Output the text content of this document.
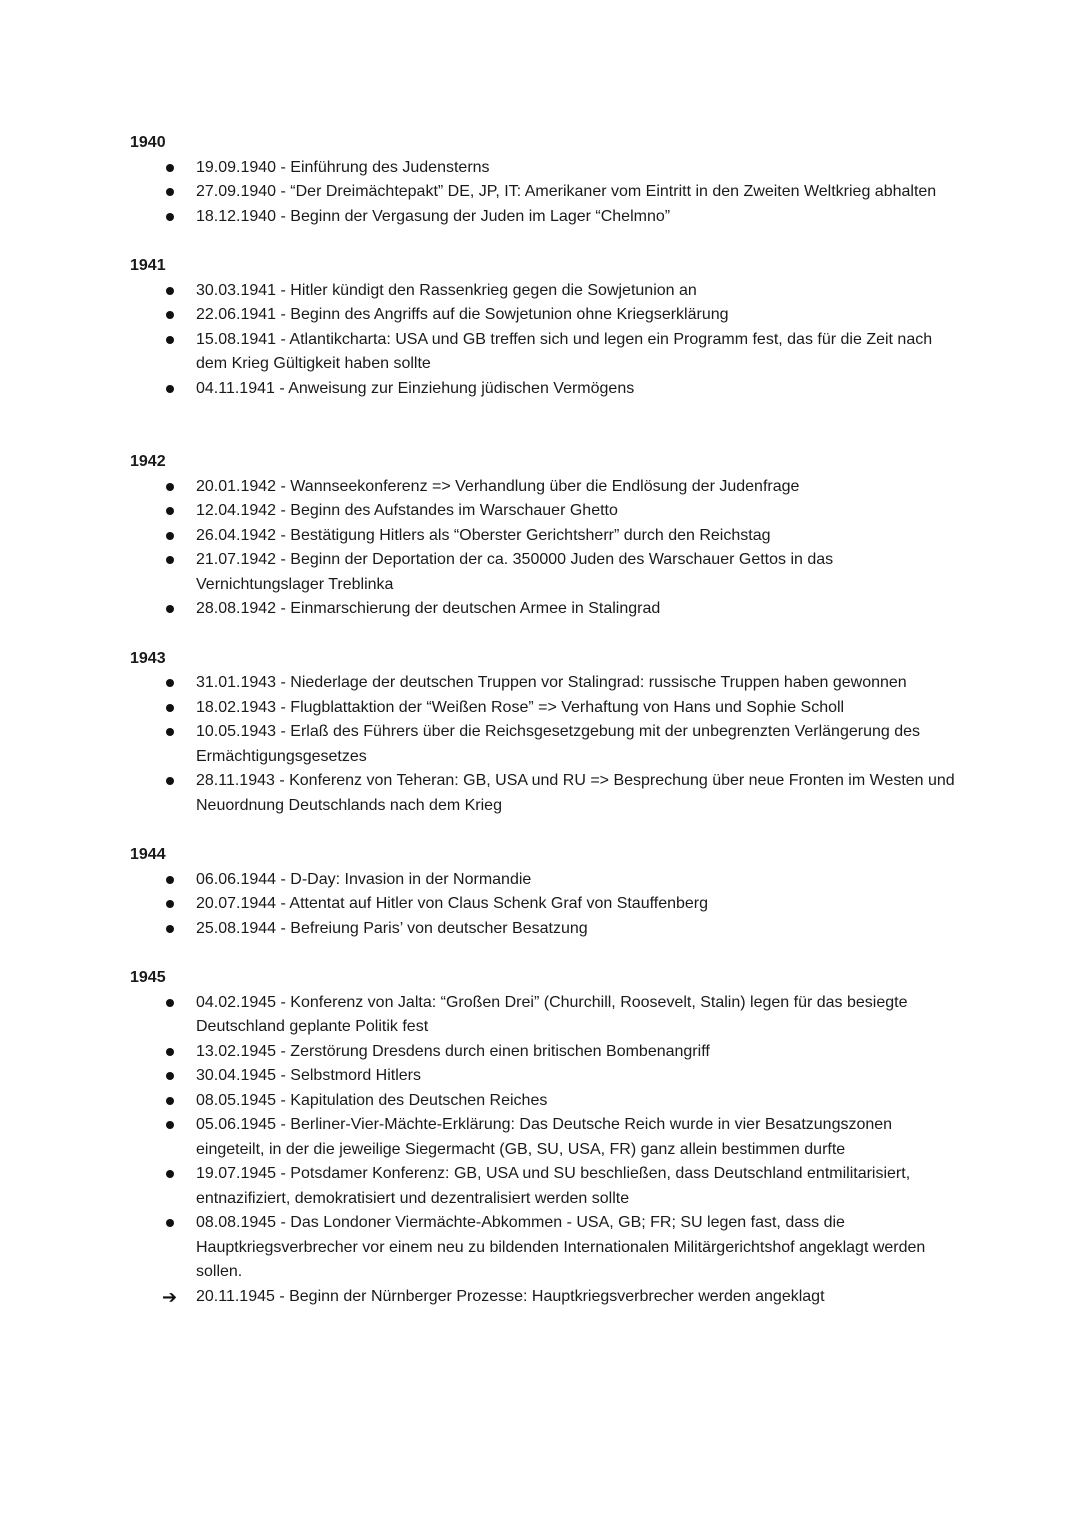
1940
19.09.1940 - Einführung des Judensterns
27.09.1940 - “Der Dreimächtepakt” DE, JP, IT: Amerikaner vom Eintritt in den Zweiten Weltkrieg abhalten
18.12.1940 - Beginn der Vergasung der Juden im Lager “Chelmno”
1941
30.03.1941 - Hitler kündigt den Rassenkrieg gegen die Sowjetunion an
22.06.1941 - Beginn des Angriffs auf die Sowjetunion ohne Kriegserklärung
15.08.1941 - Atlantikcharta: USA und GB treffen sich und legen ein Programm fest, das für die Zeit nach dem Krieg Gültigkeit haben sollte
04.11.1941 - Anweisung zur Einziehung jüdischen Vermögens
1942
20.01.1942 - Wannseekonferenz => Verhandlung über die Endlösung der Judenfrage
12.04.1942 - Beginn des Aufstandes im Warschauer Ghetto
26.04.1942 - Bestätigung Hitlers als “Oberster Gerichtsherr” durch den Reichstag
21.07.1942 - Beginn der Deportation der ca. 350000 Juden des Warschauer Gettos in das Vernichtungslager Treblinka
28.08.1942 - Einmarschierung der deutschen Armee in Stalingrad
1943
31.01.1943 - Niederlage der deutschen Truppen vor Stalingrad: russische Truppen haben gewonnen
18.02.1943 - Flugblattaktion der “Weißen Rose” => Verhaftung von Hans und Sophie Scholl
10.05.1943 - Erlaß des Führers über die Reichsgesetzgebung mit der unbegrenzten Verlängerung des Ermächtigungsgesetzes
28.11.1943 - Konferenz von Teheran: GB, USA und RU => Besprechung über neue Fronten im Westen und Neuordnung Deutschlands nach dem Krieg
1944
06.06.1944 - D-Day: Invasion in der Normandie
20.07.1944 - Attentat auf Hitler von Claus Schenk Graf von Stauffenberg
25.08.1944 - Befreiung Paris’ von deutscher Besatzung
1945
04.02.1945 - Konferenz von Jalta: “Großen Drei” (Churchill, Roosevelt, Stalin) legen für das besiegte Deutschland geplante Politik fest
13.02.1945 - Zerstörung Dresdens durch einen britischen Bombenangriff
30.04.1945 - Selbstmord Hitlers
08.05.1945 - Kapitulation des Deutschen Reiches
05.06.1945 - Berliner-Vier-Mächte-Erklärung: Das Deutsche Reich wurde in vier Besatzungszonen eingeteilt, in der die jeweilige Siegermacht (GB, SU, USA, FR) ganz allein bestimmen durfte
19.07.1945 - Potsdamer Konferenz: GB, USA und SU beschließen, dass Deutschland entmilitarisiert, entnazifiziert, demokratisiert und dezentralisiert werden sollte
08.08.1945 - Das Londoner Viermächte-Abkommen - USA, GB; FR; SU legen fast, dass die Hauptkriegsverbrecher vor einem neu zu bildenden Internationalen Militärgerichtshof angeklagt werden sollen.
➔ 20.11.1945 - Beginn der Nürnberger Prozesse: Hauptkriegsverbrecher werden angeklagt
